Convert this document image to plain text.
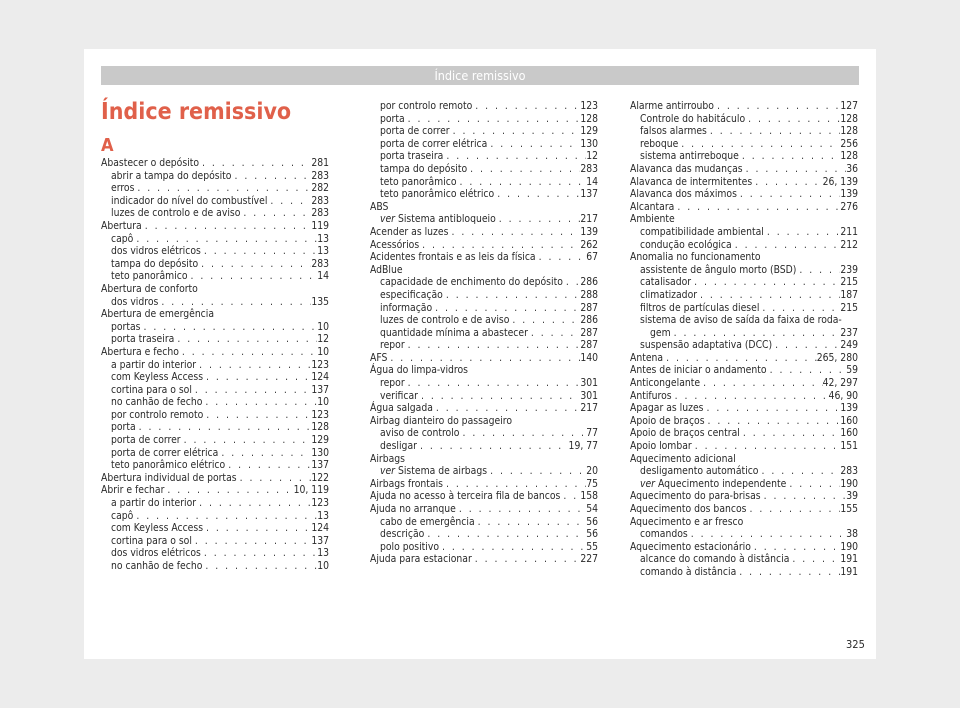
Índice remissivo
Índice remissivo
A
Abastecer o depósito . . .	281
abrir a tampa do depósito . . .	283
erros . . .	282
indicador do nível do combustível . . .	283
luzes de controlo e de aviso . . .	283
Abertura . . .	119
capô . . .	13
dos vidros elétricos . . .	13
tampa do depósito . . .	283
teto panorâmico . . .	14
Abertura de conforto
dos vidros . . .	135
Abertura de emergência
portas . . .	10
porta traseira . . .	12
Abertura e fecho . . .	10
a partir do interior . . .	123
com Keyless Access . . .	124
cortina para o sol . . .	137
no canhão de fecho . . .	10
por controlo remoto . . .	123
porta . . .	128
porta de correr . . .	129
porta de correr elétrica . . .	130
teto panorâmico elétrico . . .	137
Abertura individual de portas . . .	122
Abrir e fechar . . .	10, 119
a partir do interior . . .	123
capô . . .	13
com Keyless Access . . .	124
cortina para o sol . . .	137
dos vidros elétricos . . .	13
no canhão de fecho . . .	10
por controlo remoto . . .	123
porta . . .	128
porta de correr . . .	129
porta de correr elétrica . . .	130
porta traseira . . .	12
tampa do depósito . . .	283
teto panorâmico . . .	14
teto panorâmico elétrico . . .	137
ABS
ver Sistema antibloqueio . . .	217
Acender as luzes . . .	139
Acessórios . . .	262
Acidentes frontais e as leis da física . . .	67
AdBlue
capacidade de enchimento do depósito . . . 286
especificação . . .	288
informação . . .	287
luzes de controlo e de aviso . . .	286
quantidade mínima a abastecer . . .	287
repor . . .	287
AFS . . .	140
Água do limpa-vidros
repor . . .	301
verificar . . .	301
Água salgada . . .	217
Airbag dianteiro do passageiro
aviso de controlo . . .	77
desligar . . .	19, 77
Airbags
ver Sistema de airbags . . .	20
Airbags frontais . . .	75
Ajuda no acesso à terceira fila de bancos . . . 158
Ajuda no arranque . . .	54
cabo de emergência . . .	56
descrição . . .	56
polo positivo . . .	55
Ajuda para estacionar . . .	227
Alarme antirroubo . . .	127
Controle do habitáculo . . .	128
falsos alarmes . . .	128
reboque . . .	256
sistema antirreboque . . .	128
Alavanca das mudanças . . .	36
Alavanca de intermitentes . . .	26, 139
Alavanca dos máximos . . .	139
Alcantara . . .	276
Ambiente
compatibilidade ambiental . . .	211
condução ecológica . . .	212
Anomalia no funcionamento
assistente de ângulo morto (BSD) . . .	239
catalisador . . .	215
climatizador . . .	187
filtros de partículas diesel . . .	215
sistema de aviso de saída da faixa de roda-
gem . . .	237
suspensão adaptativa (DCC) . . .	249
Antena . . .	265, 280
Antes de iniciar o andamento . . .	59
Anticongelante . . .	42, 297
Antifuros . . .	46, 90
Apagar as luzes . . .	139
Apoio de braços . . .	160
Apoio de braços central . . .	160
Apoio lombar . . .	151
Aquecimento adicional
desligamento automático . . .	283
ver Aquecimento independente . . .	190
Aquecimento do para-brisas . . .	39
Aquecimento dos bancos . . .	155
Aquecimento e ar fresco
comandos . . .	38
Aquecimento estacionário . . .	190
alcance do comando à distância . . .	191
comando à distância . . .	191
325
